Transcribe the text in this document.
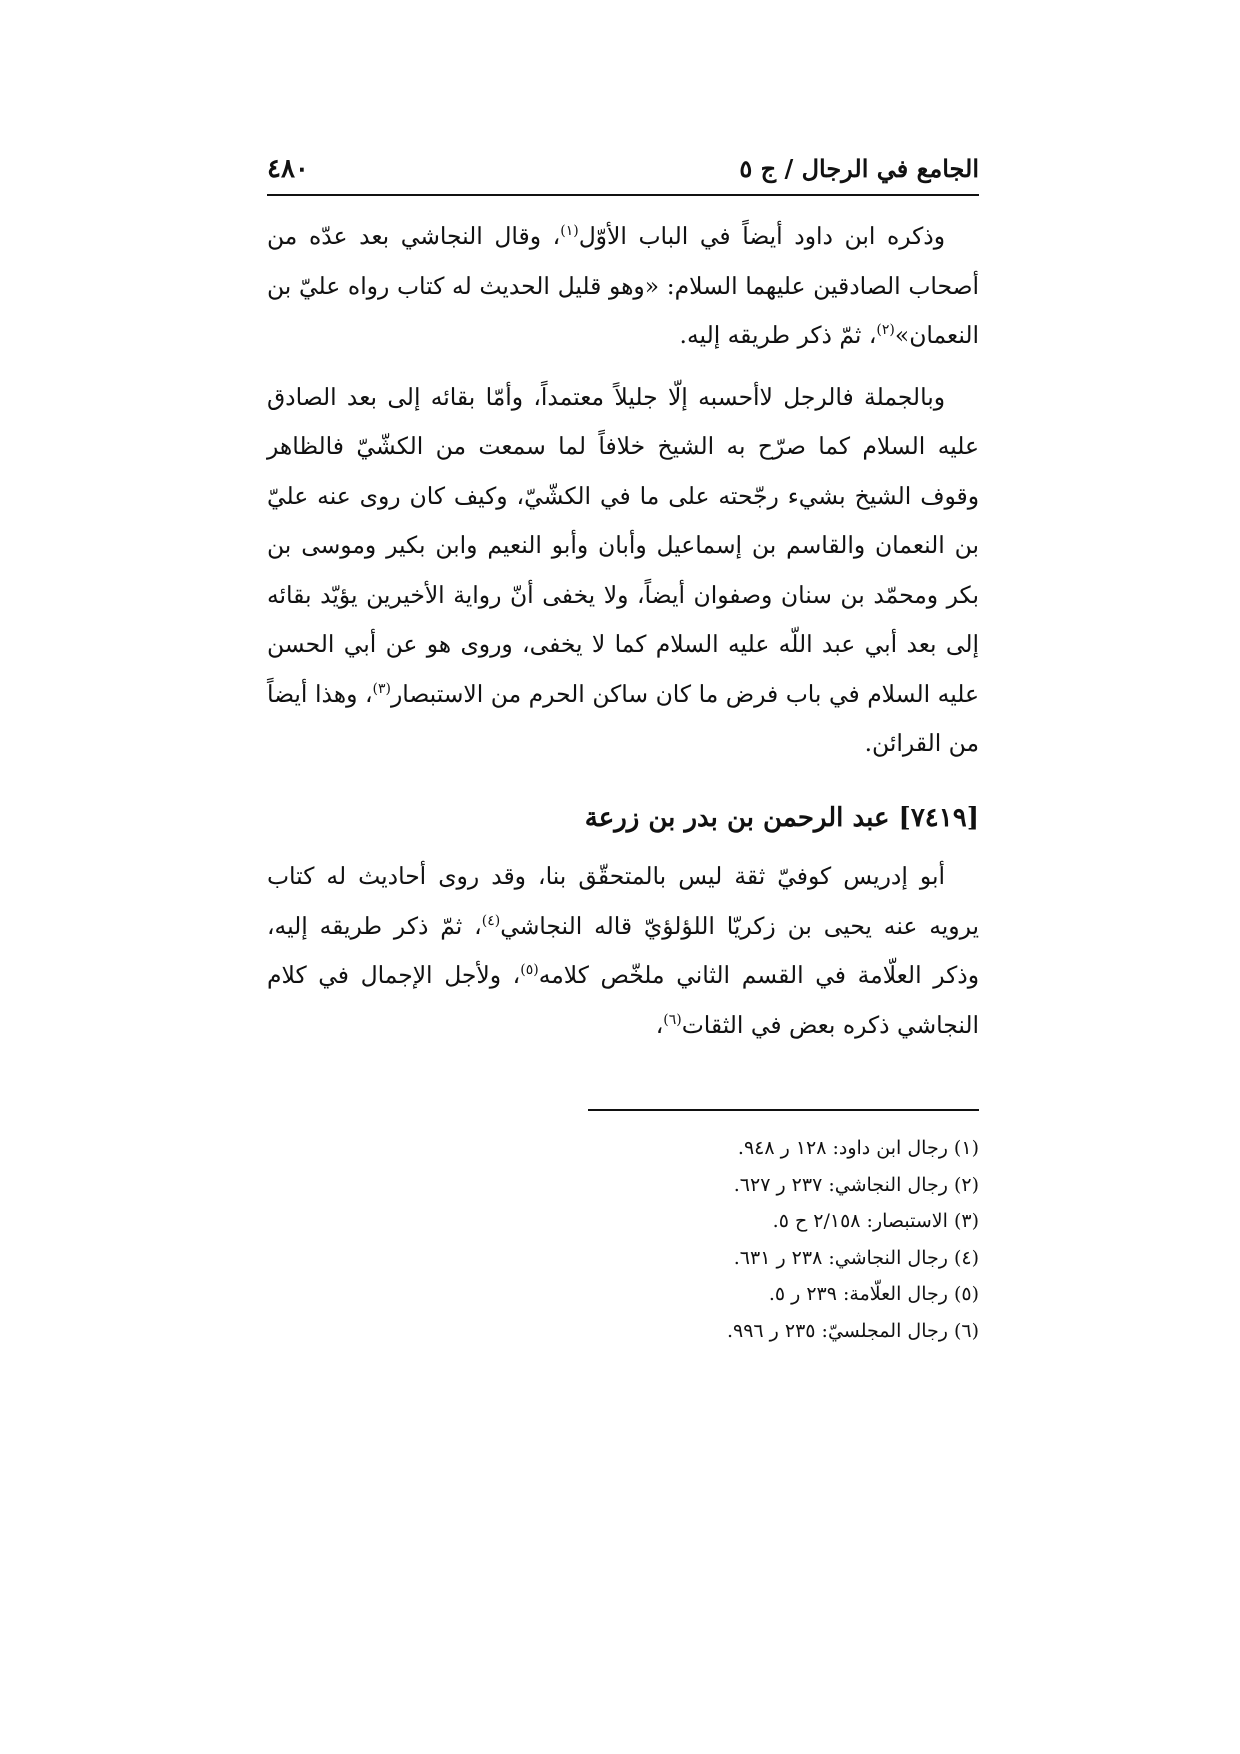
الجامع في الرجال / ج ٥
٤٨٠

وذكره ابن داود أيضاً في الباب الأوّل$^{(١)}$، وقال النجاشي بعد عدّه من أصحاب الصادقين عليهما السلام: «وهو قليل الحديث له كتاب رواه عليّ بن النعمان»$^{(٢)}$، ثمّ ذكر طريقه إليه.

وبالجملة فالرجل لاأحسبه إلّا جليلاً معتمداً، وأمّا بقائه إلى بعد الصادق عليه السلام كما صرّح به الشيخ خلافاً لما سمعت من الكشّيّ فالظاهر وقوف الشيخ بشيء رجّحته على ما في الكشّيّ، وكيف كان روى عنه عليّ بن النعمان والقاسم بن إسماعيل وأبان وأبو النعيم وابن بكير وموسى بن بكر ومحمّد بن سنان وصفوان أيضاً، ولا يخفى أنّ رواية الأخيرين يؤيّد بقائه إلى بعد أبي عبد اللّه عليه السلام كما لا يخفى، وروى هو عن أبي الحسن عليه السلام في باب فرض ما كان ساكن الحرم من الاستبصار$^{(٣)}$، وهذا أيضاً من القرائن.

[٧٤١٩] عبد الرحمن بن بدر بن زرعة

أبو إدريس كوفيّ ثقة ليس بالمتحقّق بنا، وقد روى أحاديث له كتاب يرويه عنه يحيى بن زكريّا اللؤلؤيّ قاله النجاشي$^{(٤)}$، ثمّ ذكر طريقه إليه، وذكر العلّامة في القسم الثاني ملخّص كلامه$^{(٥)}$، ولأجل الإجمال في كلام النجاشي ذكره بعض في الثقات$^{(٦)}$،

(١) رجال ابن داود: ١٢٨ ر ٩٤٨.
(٢) رجال النجاشي: ٢٣٧ ر ٦٢٧.
(٣) الاستبصار: ٢/١٥٨ ح ٥.
(٤) رجال النجاشي: ٢٣٨ ر ٦٣١.
(٥) رجال العلّامة: ٢٣٩ ر ٥.
(٦) رجال المجلسيّ: ٢٣٥ ر ٩٩٦.
